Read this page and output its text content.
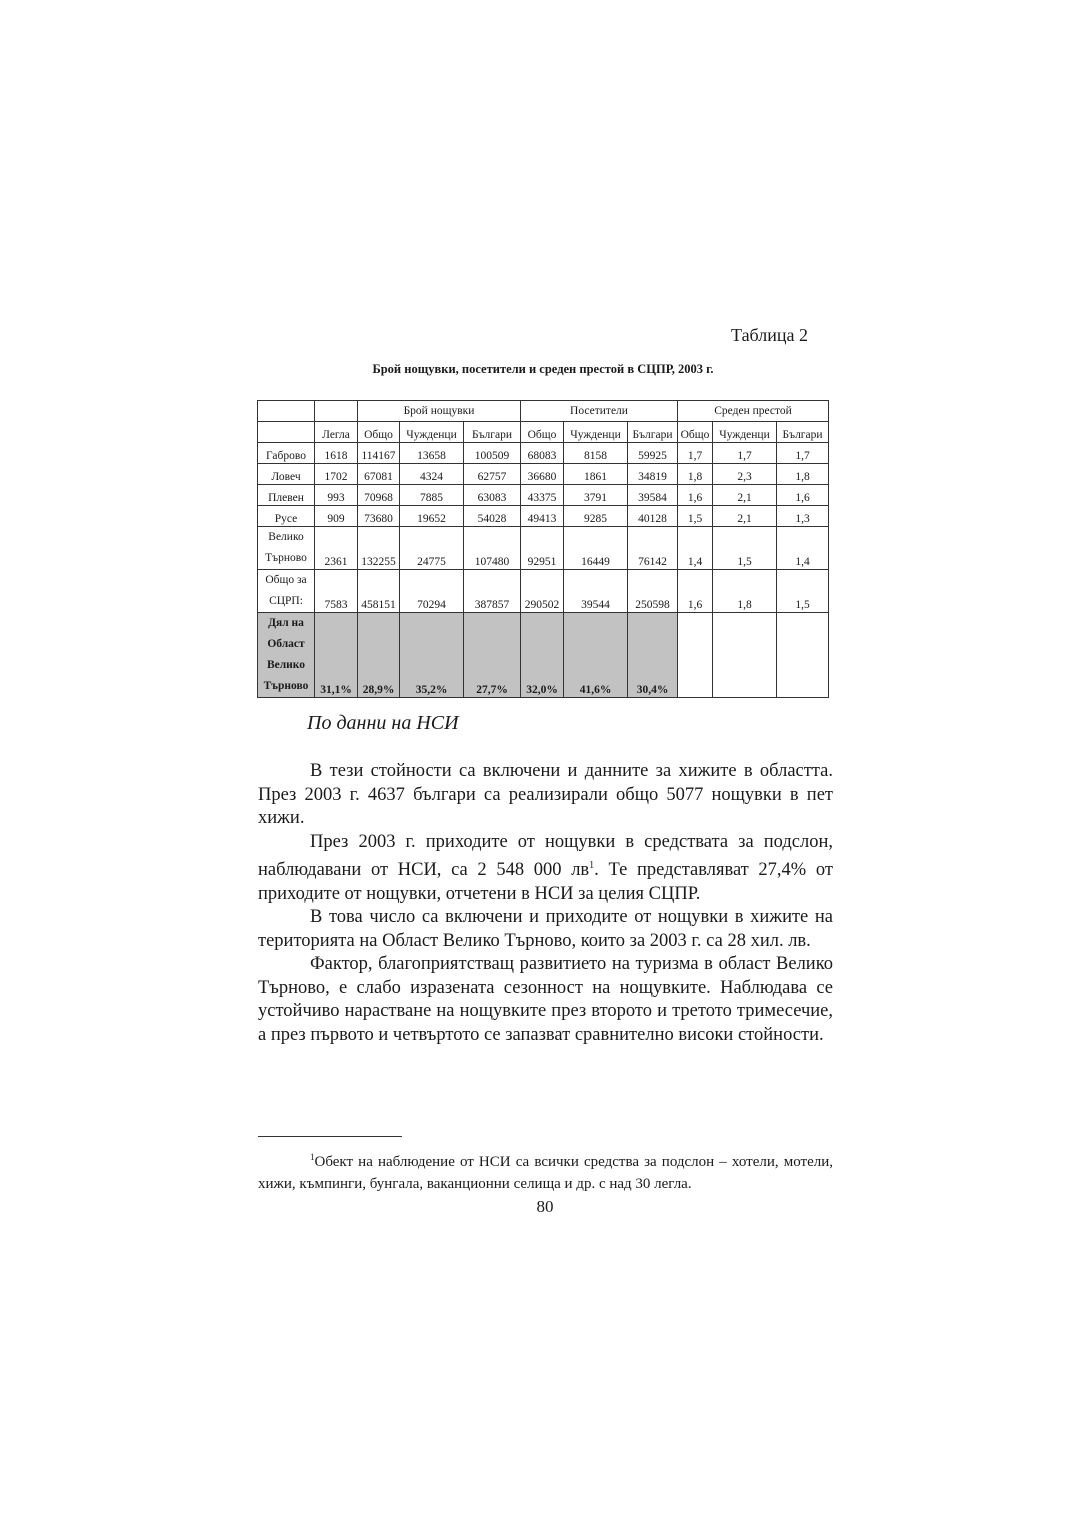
Таблица 2
Брой нощувки, посетители и среден престой в СЦПР, 2003 г.
		Брой нощувки			Посетители			Среден престой		
	Легла	Общо	Чужденци	Българи	Общо	Чужденци	Българи	Общо	Чужденци	Българи
Габрово	1618	114167	13658	100509	68083	8158	59925	1,7	1,7	1,7
Ловеч	1702	67081	4324	62757	36680	1861	34819	1,8	2,3	1,8
Плевен	993	70968	7885	63083	43375	3791	39584	1,6	2,1	1,6
Русе	909	73680	19652	54028	49413	9285	40128	1,5	2,1	1,3

Велико
Търново	2361	132255	24775	107480	92951	16449	76142	1,4	1,5	1,4

Общо за
СЦРП:	7583	458151	70294	387857	290502	39544	250598	1,6	1,8	1,5

Дял на
Област
Велико
Търново	31,1%	28,9%	35,2%	27,7%	32,0%	41,6%	30,4%			
По данни на НСИ

В тези стойности са включени и данните за хижите в областта. През 2003 г. 4637 българи са реализирали общо 5077 нощувки в пет хижи.

През 2003 г. приходите от нощувки в средствата за подслон, наблюдавани от НСИ, са 2 548 000 $лв^1$. Те представляват 27,4% от приходите от нощувки, отчетени в НСИ за целия СЦПР.

В това число са включени и приходите от нощувки в хижите на територията на Област Велико Търново, които за 2003 г. са 28 хил. лв.

Фактор, благоприятстващ развитието на туризма в област Велико Търново, е слабо изразената сезонност на нощувките. Наблюдава се устойчиво нарастване на нощувките през второто и третото тримесечие, а през първото и четвъртото се запазват сравнително високи стойности.

$^1$Обект на наблюдение от НСИ са всички средства за подслон – хотели, мотели, хижи, къмпинги, бунгала, ваканционни селища и др. с над 30 легла.

80
